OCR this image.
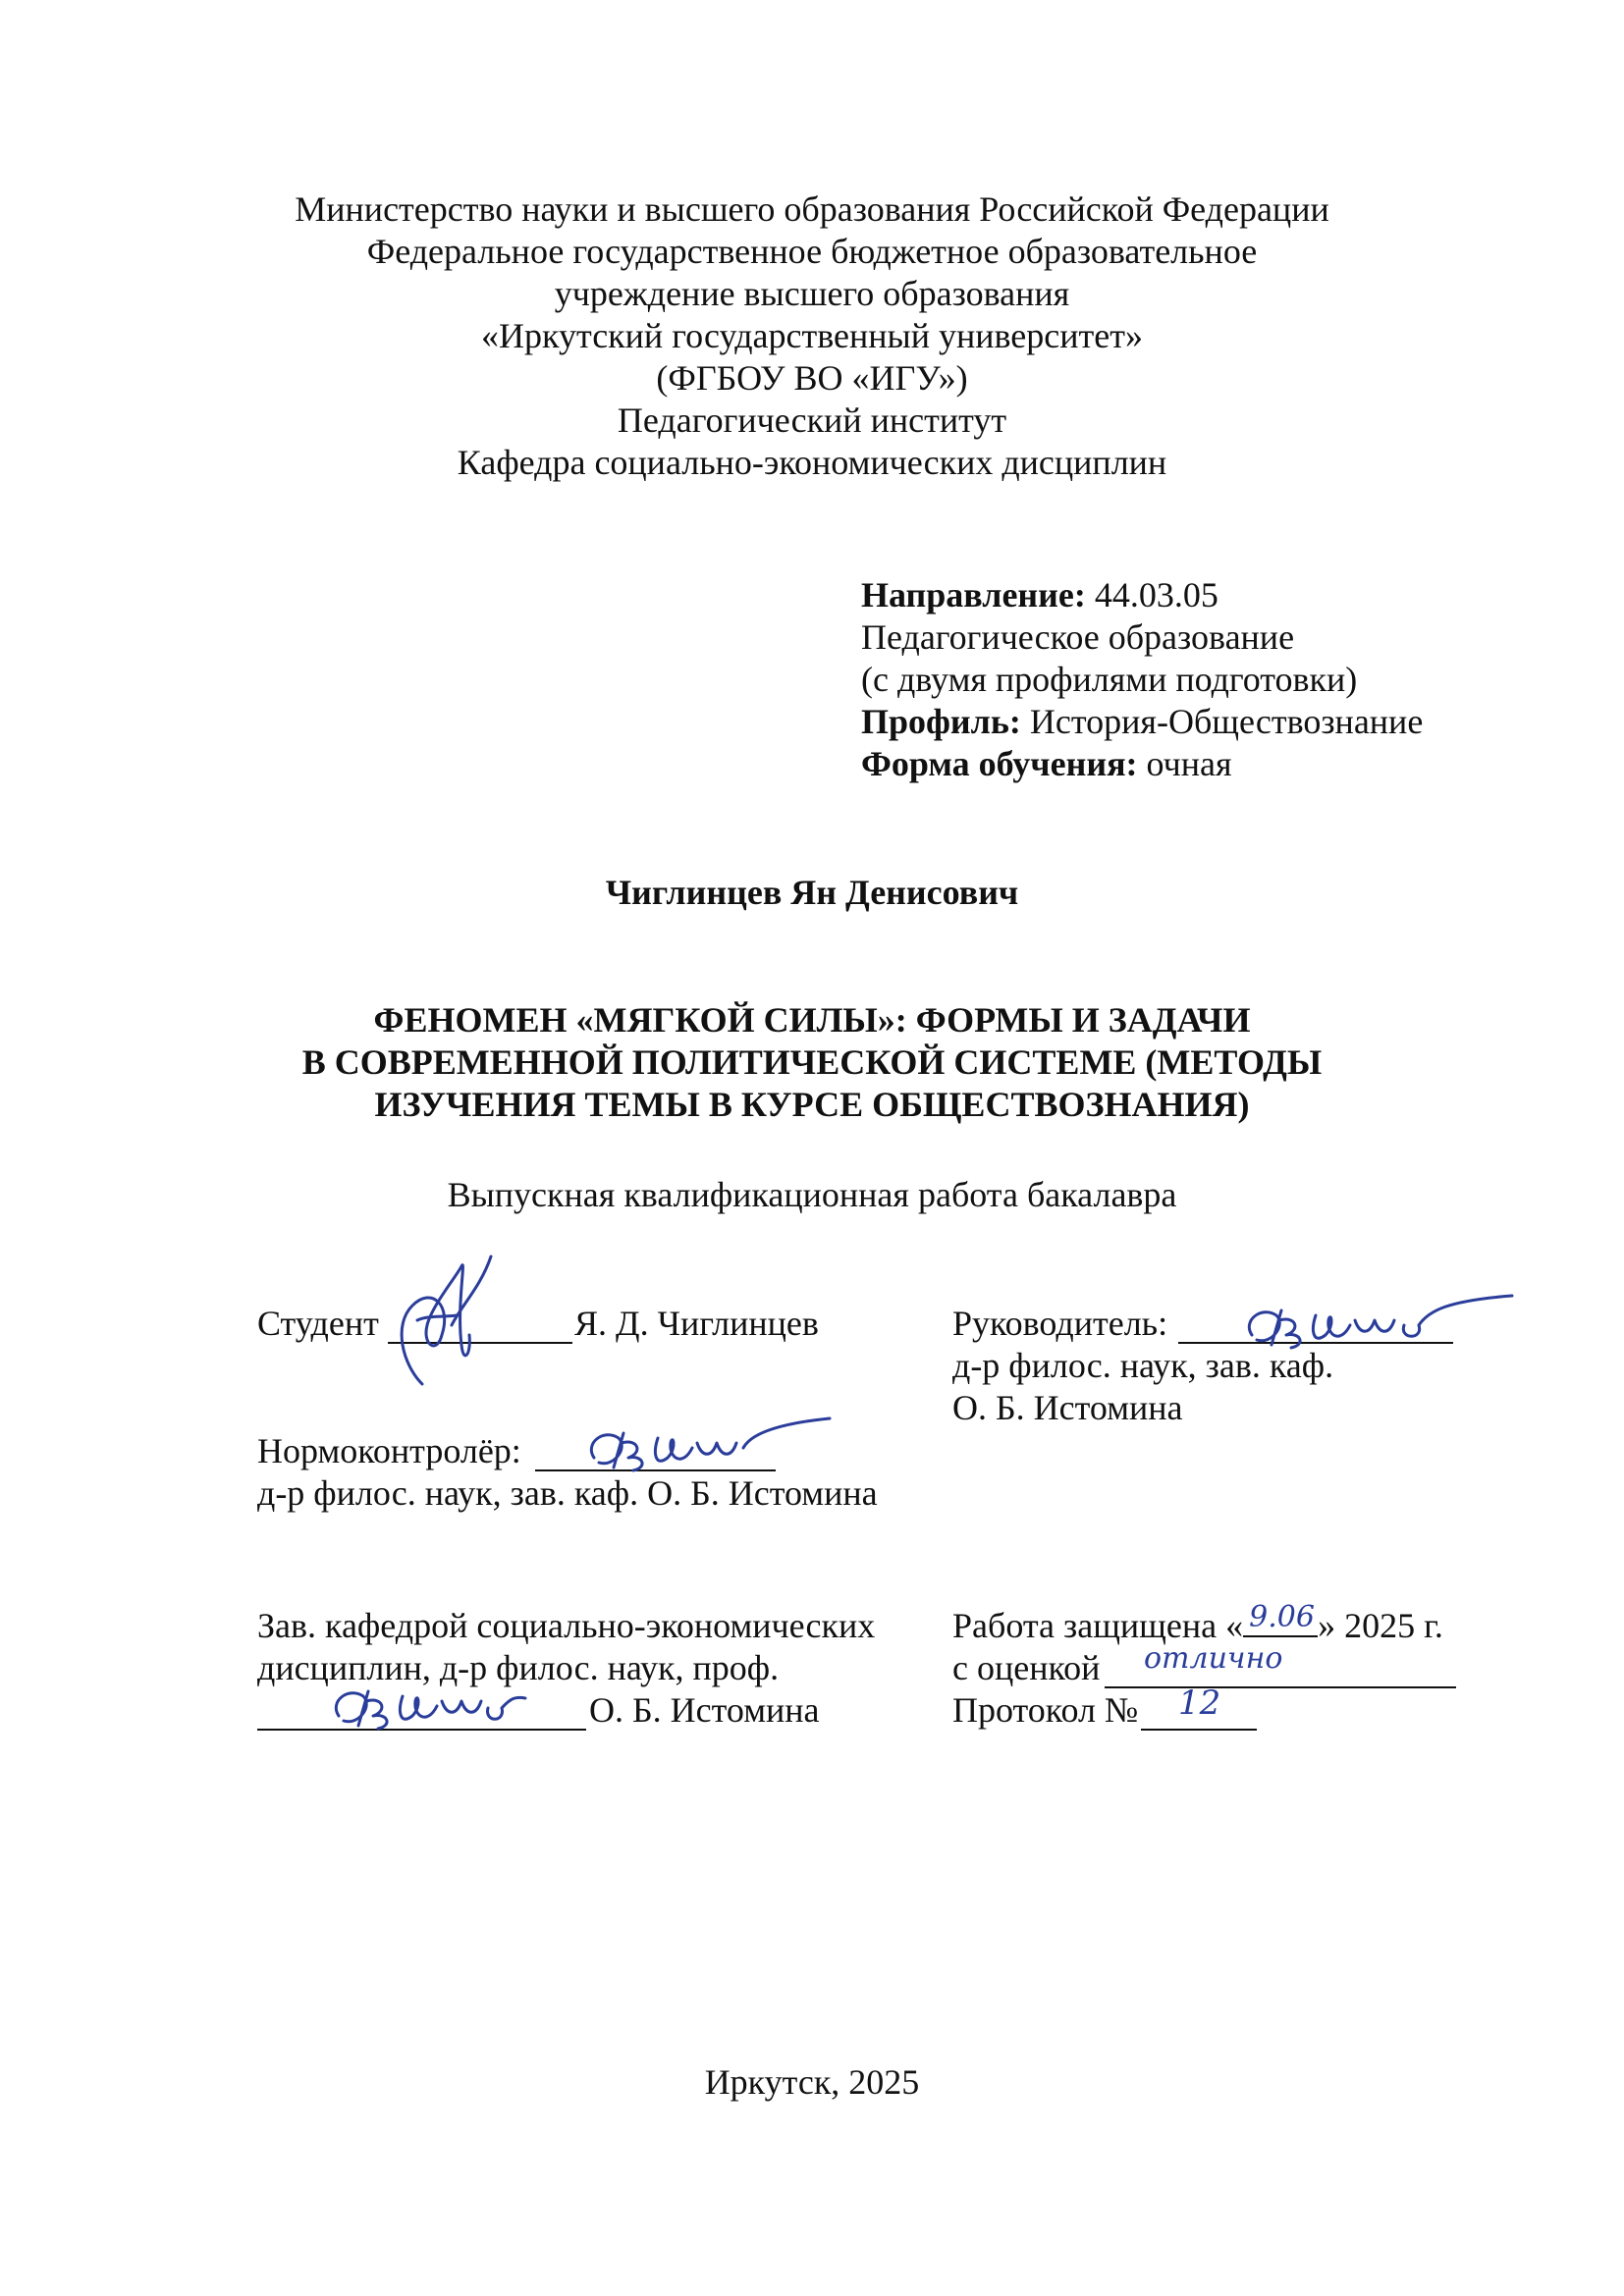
Министерство науки и высшего образования Российской Федерации
Федеральное государственное бюджетное образовательное
учреждение высшего образования
«Иркутский государственный университет»
(ФГБОУ ВО «ИГУ»)
Педагогический институт
Кафедра социально-экономических дисциплин
Направление: 44.03.05
Педагогическое образование
(с двумя профилями подготовки)
Профиль: История-Обществознание
Форма обучения: очная
Чиглинцев Ян Денисович
ФЕНОМЕН «МЯГКОЙ СИЛЫ»: ФОРМЫ И ЗАДАЧИ
В СОВРЕМЕННОЙ ПОЛИТИЧЕСКОЙ СИСТЕМЕ (МЕТОДЫ
ИЗУЧЕНИЯ ТЕМЫ В КУРСЕ ОБЩЕСТВОЗНАНИЯ)
Выпускная квалификационная работа бакалавра
Студент	Я. Д. Чиглинцев	Руководитель:
д-р филос. наук, зав. каф.
О. Б. Истомина
Нормоконтролёр:
д-р филос. наук, зав. каф. О. Б. Истомина
Зав. кафедрой социально-экономических
дисциплин, д-р филос. наук, проф.
О. Б. Истомина
Работа защищена « 9.06 » 2025 г.
с оценкой отлично
Протокол № 12
Иркутск, 2025
